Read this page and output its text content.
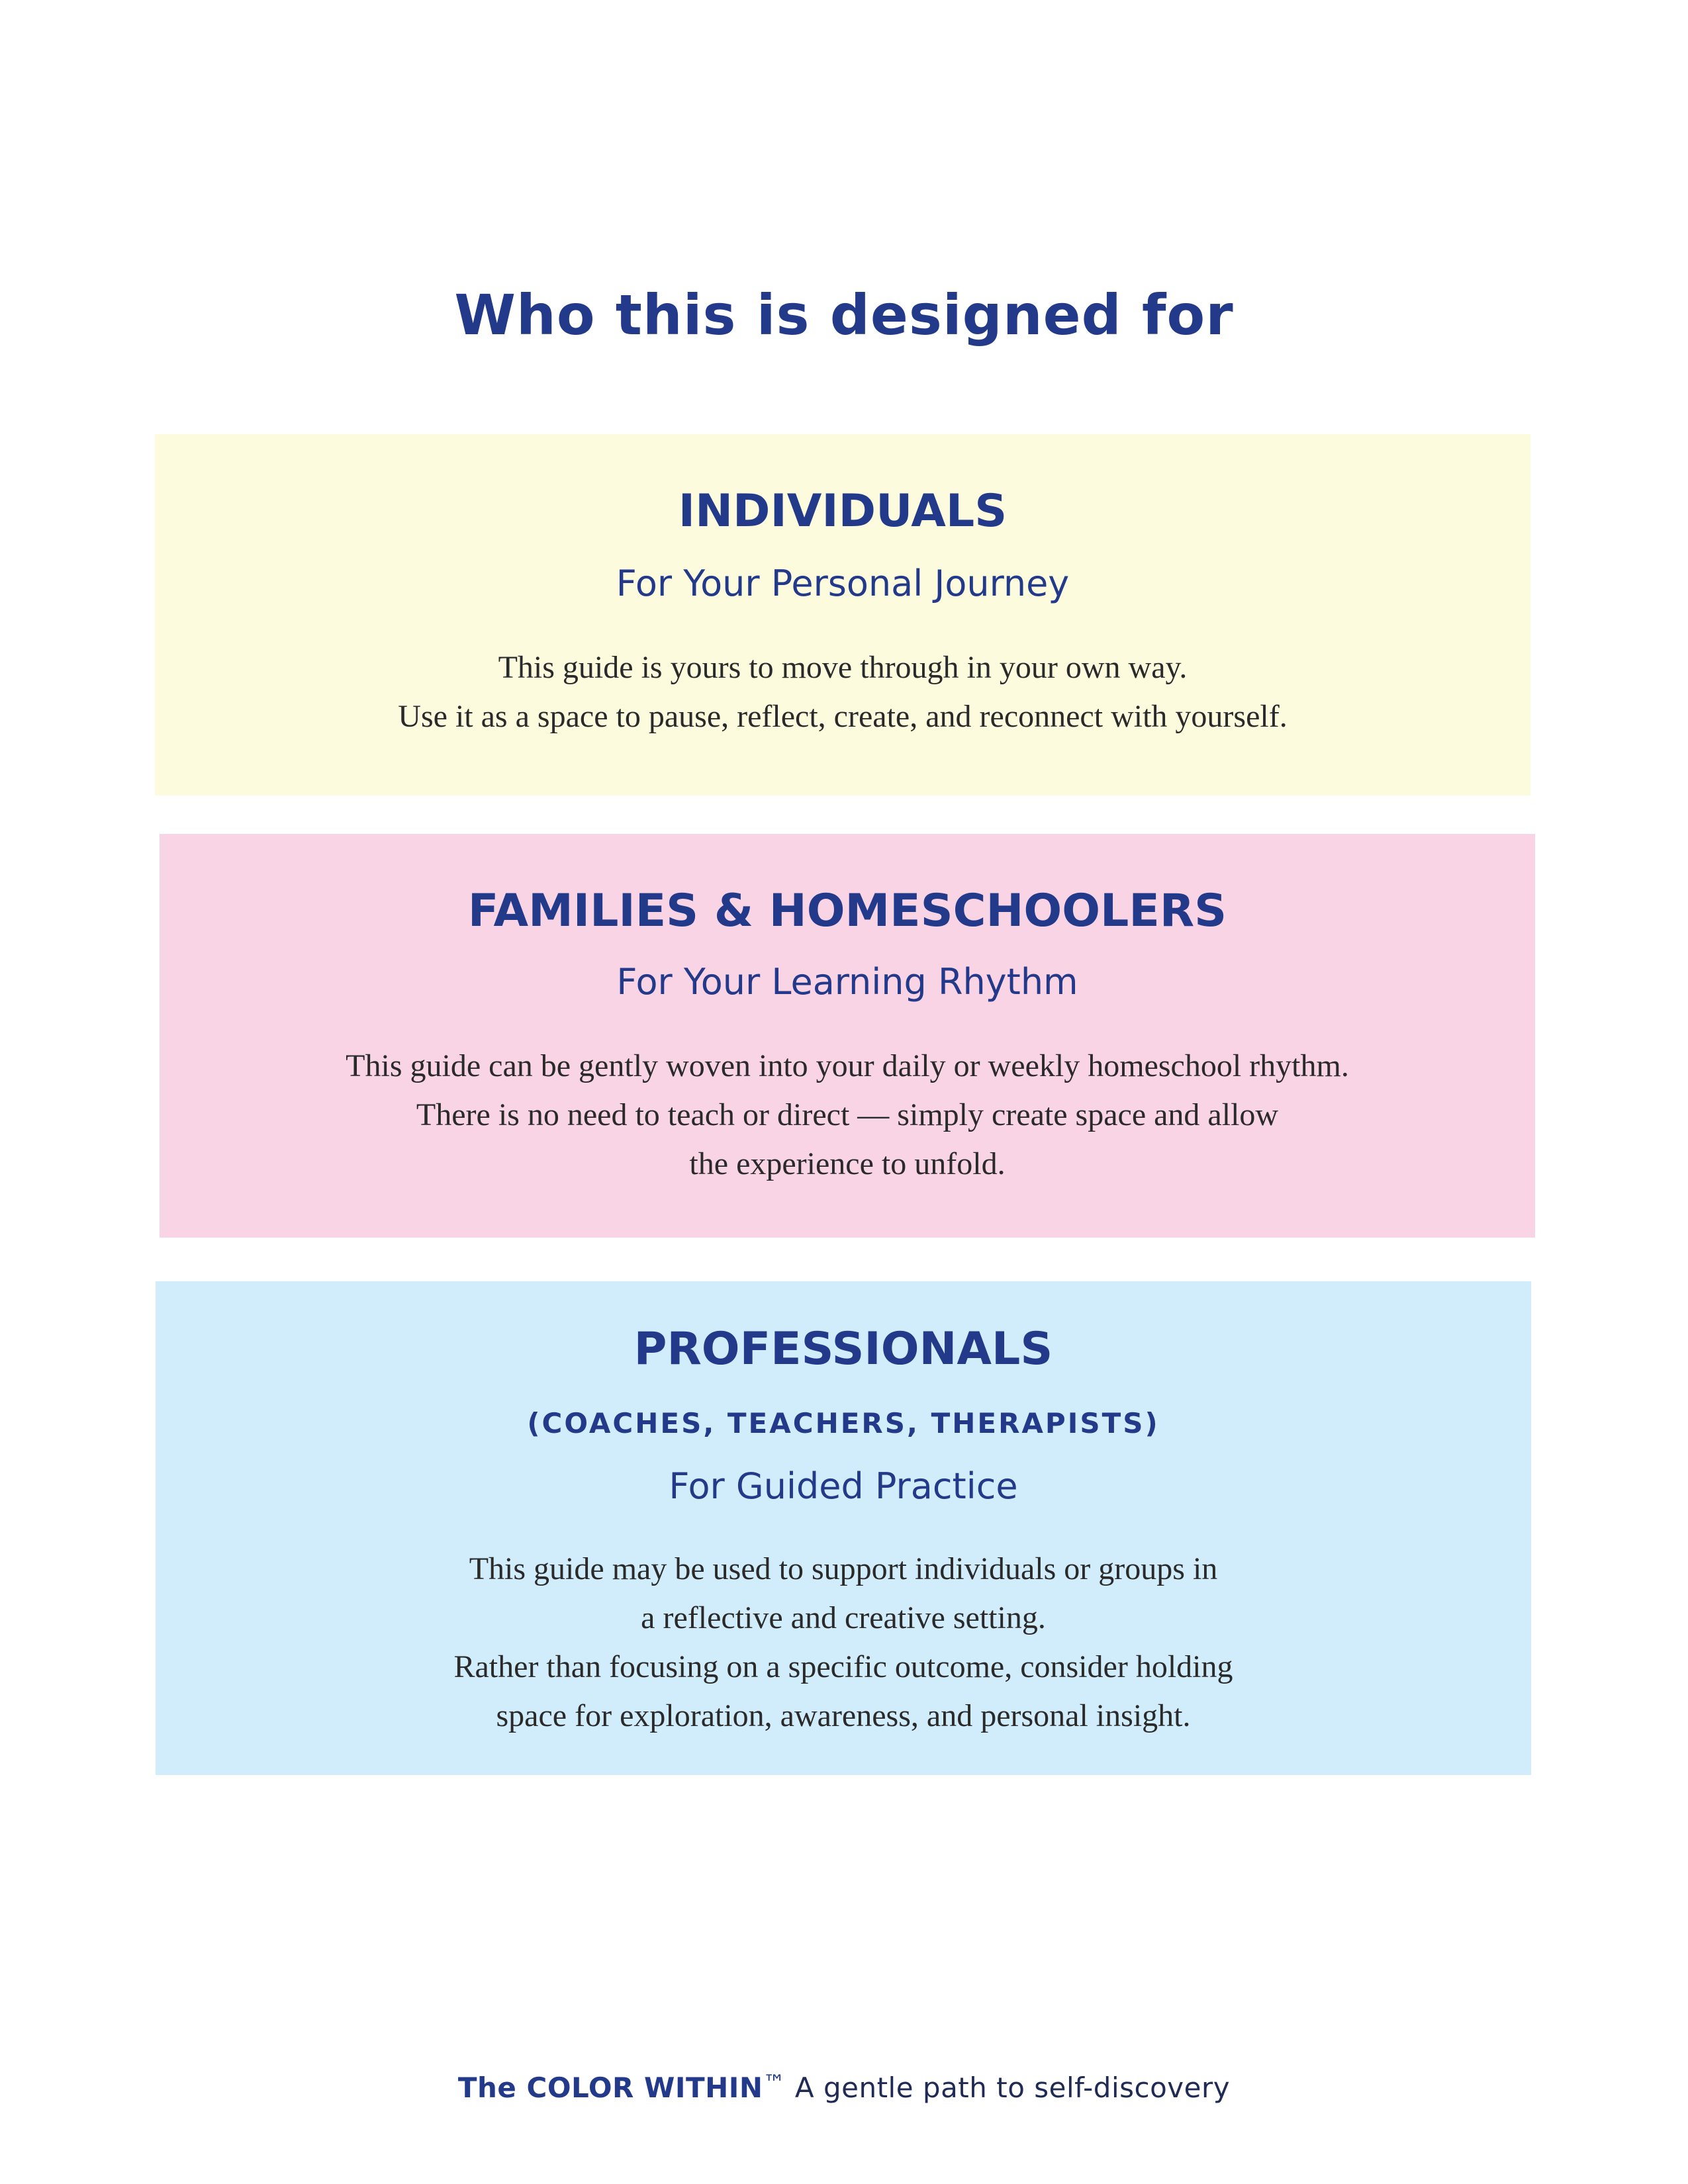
Who this is designed for
INDIVIDUALS
For Your Personal Journey
This guide is yours to move through in your own way.
Use it as a space to pause, reflect, create, and reconnect with yourself.
FAMILIES & HOMESCHOOLERS
For Your Learning Rhythm
This guide can be gently woven into your daily or weekly homeschool rhythm.
There is no need to teach or direct — simply create space and allow
the experience to unfold.
PROFESSIONALS
(COACHES, TEACHERS, THERAPISTS)
For Guided Practice
This guide may be used to support individuals or groups in
a reflective and creative setting.
Rather than focusing on a specific outcome, consider holding
space for exploration, awareness, and personal insight.
The COLOR WITHIN™ A gentle path to self-discovery
